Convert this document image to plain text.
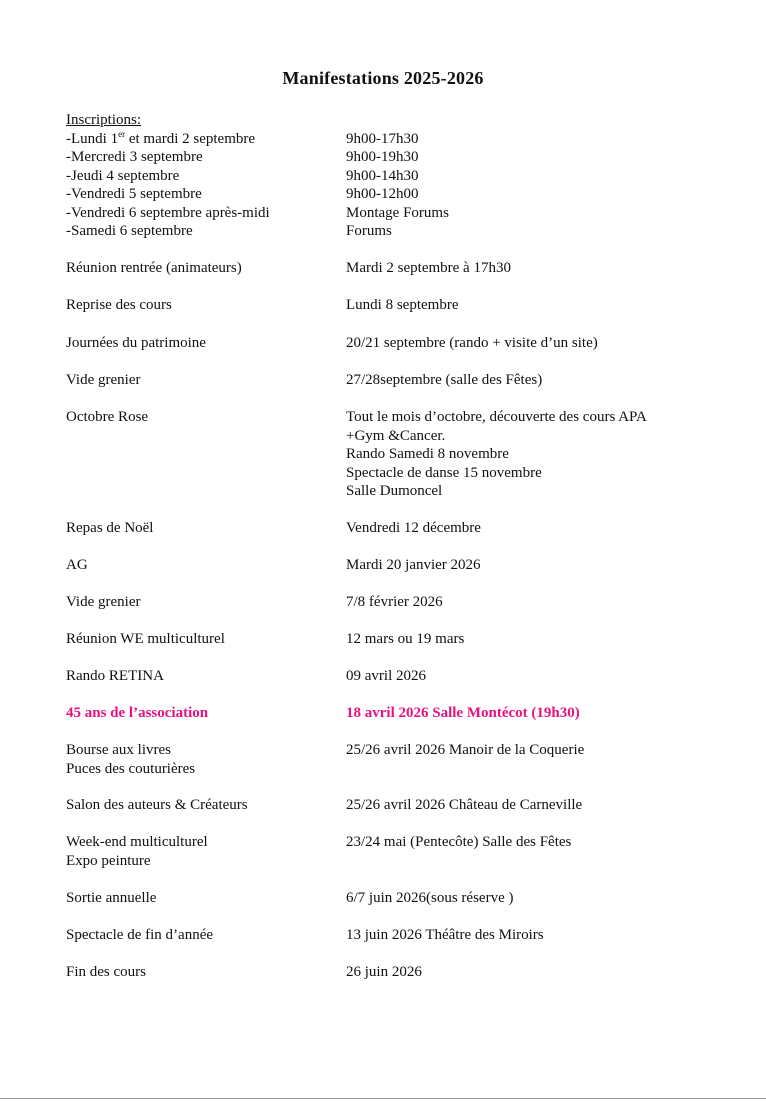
Manifestations 2025-2026
Inscriptions:
-Lundi 1er et mardi 2 septembre	9h00-17h30
-Mercredi 3 septembre	9h00-19h30
-Jeudi 4 septembre	9h00-14h30
-Vendredi 5 septembre	9h00-12h00
-Vendredi 6 septembre après-midi	Montage Forums
-Samedi 6 septembre	Forums
Réunion rentrée (animateurs)	Mardi 2 septembre à 17h30
Reprise des cours	Lundi 8 septembre
Journées du patrimoine	20/21 septembre (rando + visite d’un site)
Vide grenier	27/28septembre (salle des Fêtes)
Octobre Rose	Tout le mois d’octobre, découverte des cours APA
+Gym &Cancer.
Rando Samedi 8 novembre
Spectacle de danse 15 novembre
Salle Dumoncel
Repas de Noël	Vendredi 12 décembre
AG	Mardi 20 janvier 2026
Vide grenier	7/8 février 2026
Réunion WE multiculturel	12 mars ou 19 mars
Rando RETINA	09 avril 2026
45 ans de l’association	18 avril 2026 Salle Montécot (19h30)
Bourse aux livres	25/26 avril 2026 Manoir de la Coquerie
Puces des couturières
Salon des auteurs & Créateurs	25/26 avril 2026 Château de Carneville
Week-end multiculturel	23/24 mai (Pentecôte) Salle des Fêtes
Expo peinture
Sortie annuelle	6/7 juin 2026(sous réserve )
Spectacle de fin d’année	13 juin 2026 Théâtre des Miroirs
Fin des cours	26 juin 2026
